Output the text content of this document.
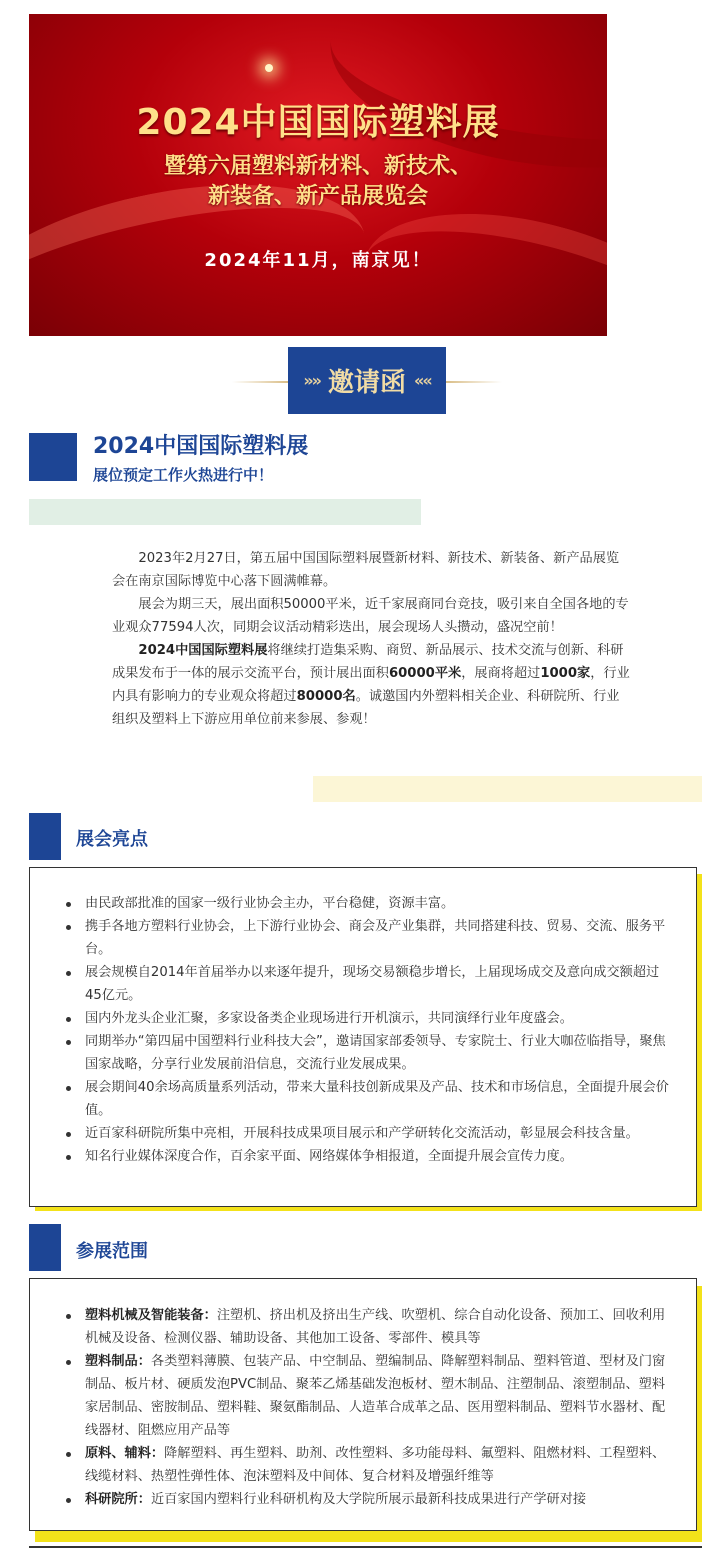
2024中国国际塑料展
暨第六届塑料新材料、新技术、
新装备、新产品展览会
2024年11月，南京见！
»» 邀请函 ««
2024中国国际塑料展
展位预定工作火热进行中！

2023年2月27日，第五届中国国际塑料展暨新材料、新技术、新装备、新产品展览会在南京国际博览中心落下圆满帷幕。

展会为期三天，展出面积50000平米，近千家展商同台竞技，吸引来自全国各地的专业观众77594人次，同期会议活动精彩迭出，展会现场人头攒动，盛况空前！

2024中国国际塑料展将继续打造集采购、商贸、新品展示、技术交流与创新、科研成果发布于一体的展示交流平台，预计展出面积60000平米，展商将超过1000家，行业内具有影响力的专业观众将超过80000名。诚邀国内外塑料相关企业、科研院所、行业组织及塑料上下游应用单位前来参展、参观！

展会亮点
由民政部批准的国家一级行业协会主办，平台稳健，资源丰富。
携手各地方塑料行业协会，上下游行业协会、商会及产业集群，共同搭建科技、贸易、交流、服务平台。
展会规模自2014年首届举办以来逐年提升，现场交易额稳步增长，上届现场成交及意向成交额超过45亿元。
国内外龙头企业汇聚，多家设备类企业现场进行开机演示，共同演绎行业年度盛会。
同期举办“第四届中国塑料行业科技大会”，邀请国家部委领导、专家院士、行业大咖莅临指导，聚焦国家战略，分享行业发展前沿信息，交流行业发展成果。
展会期间40余场高质量系列活动，带来大量科技创新成果及产品、技术和市场信息，全面提升展会价值。
近百家科研院所集中亮相，开展科技成果项目展示和产学研转化交流活动，彰显展会科技含量。
知名行业媒体深度合作，百余家平面、网络媒体争相报道，全面提升展会宣传力度。
参展范围
塑料机械及智能装备：注塑机、挤出机及挤出生产线、吹塑机、综合自动化设备、预加工、回收利用机械及设备、检测仪器、辅助设备、其他加工设备、零部件、模具等
塑料制品：各类塑料薄膜、包装产品、中空制品、塑编制品、降解塑料制品、塑料管道、型材及门窗制品、板片材、硬质发泡PVC制品、聚苯乙烯基础发泡板材、塑木制品、注塑制品、滚塑制品、塑料家居制品、密胺制品、塑料鞋、聚氨酯制品、人造革合成革之品、医用塑料制品、塑料节水器材、配线器材、阻燃应用产品等
原料、辅料：降解塑料、再生塑料、助剂、改性塑料、多功能母料、氟塑料、阻燃材料、工程塑料、线缆材料、热塑性弹性体、泡沫塑料及中间体、复合材料及增强纤维等
科研院所：近百家国内塑料行业科研机构及大学院所展示最新科技成果进行产学研对接
